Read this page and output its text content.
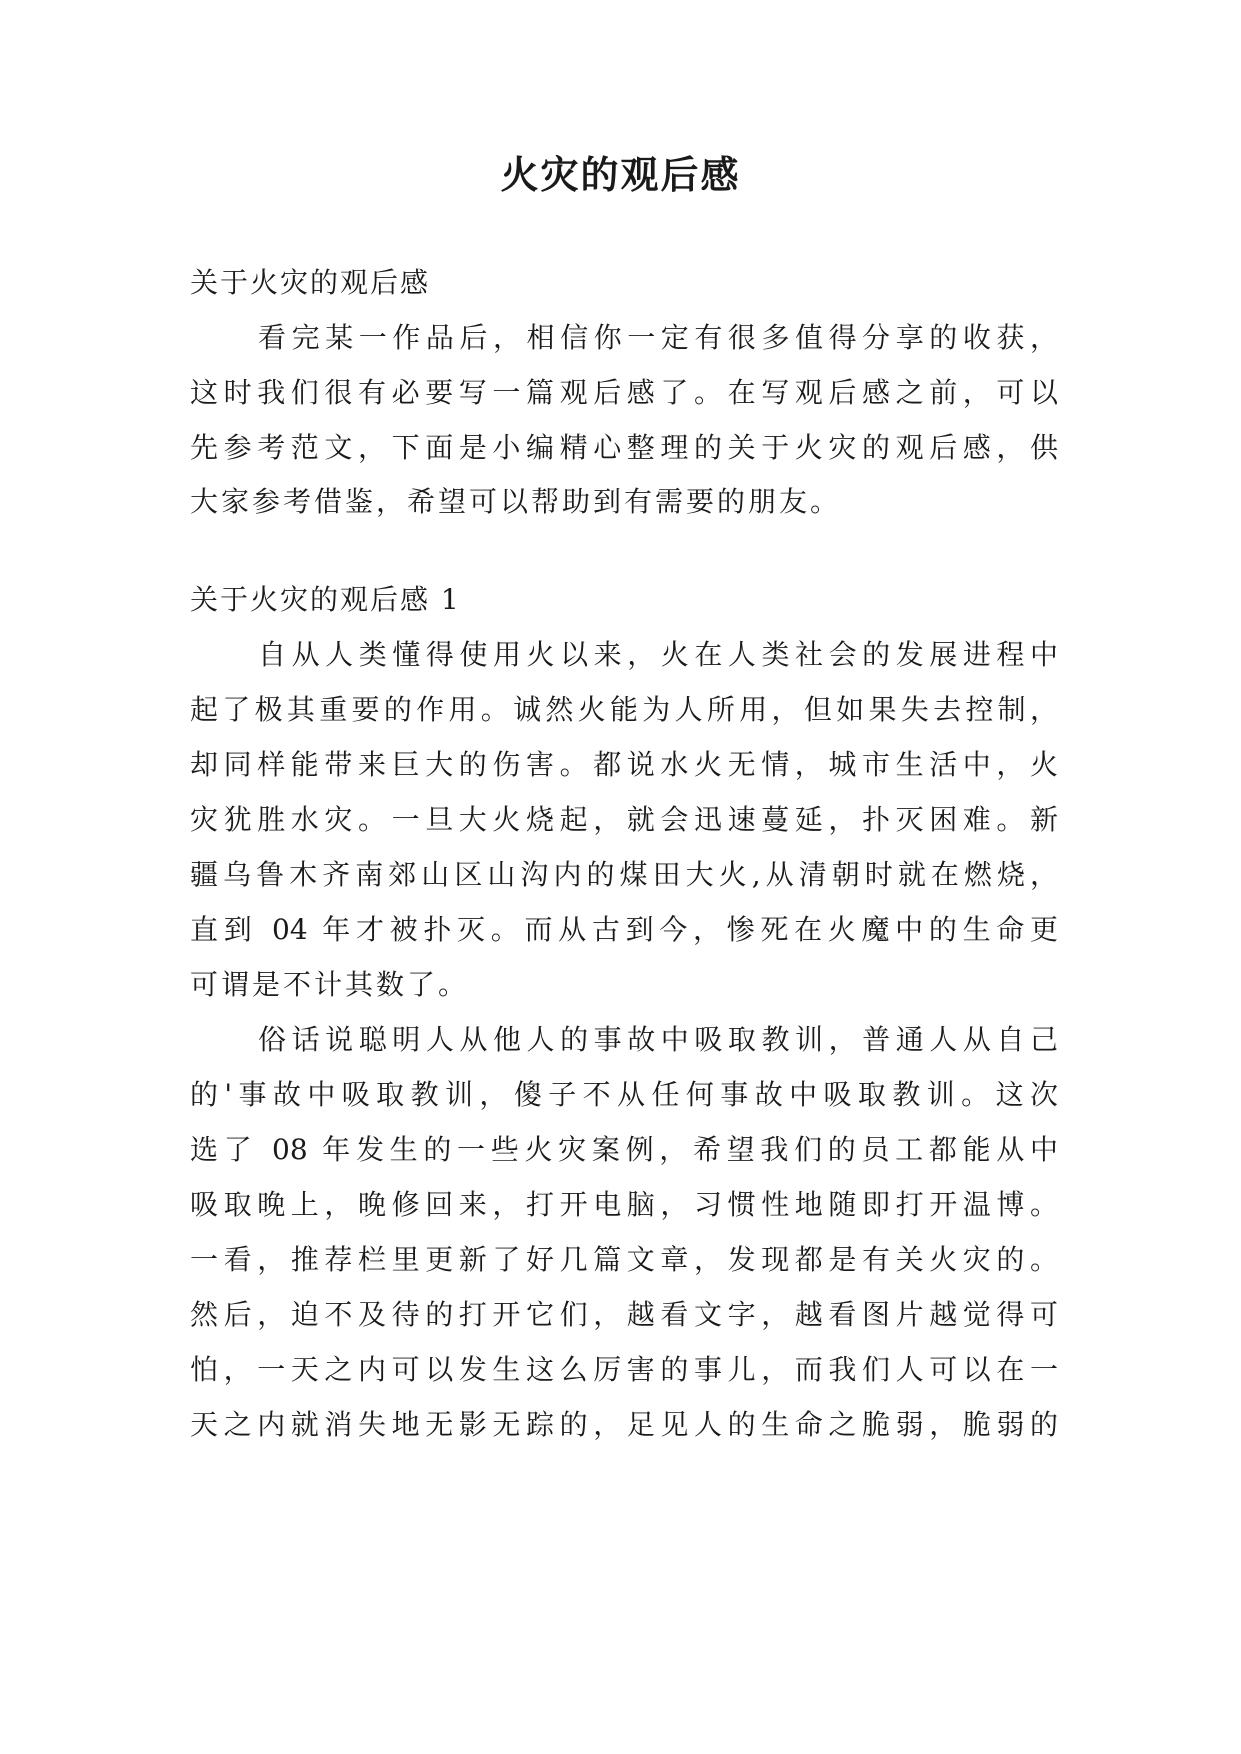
火灾的观后感
关于火灾的观后感
看完某一作品后，相信你一定有很多值得分享的收获，
这时我们很有必要写一篇观后感了。在写观后感之前，可以
先参考范文，下面是小编精心整理的关于火灾的观后感，供
大家参考借鉴，希望可以帮助到有需要的朋友。
关于火灾的观后感 1
自从人类懂得使用火以来，火在人类社会的发展进程中
起了极其重要的作用。诚然火能为人所用，但如果失去控制，
却同样能带来巨大的伤害。都说水火无情，城市生活中，火
灾犹胜水灾。一旦大火烧起，就会迅速蔓延，扑灭困难。新
疆乌鲁木齐南郊山区山沟内的煤田大火,从清朝时就在燃烧，
直到 04 年才被扑灭。而从古到今，惨死在火魔中的生命更
可谓是不计其数了。
俗话说聪明人从他人的事故中吸取教训，普通人从自己
的'事故中吸取教训，傻子不从任何事故中吸取教训。这次
选了 08 年发生的一些火灾案例，希望我们的员工都能从中
吸取晚上，晚修回来，打开电脑，习惯性地随即打开温博。
一看，推荐栏里更新了好几篇文章，发现都是有关火灾的。
然后，迫不及待的打开它们，越看文字，越看图片越觉得可
怕，一天之内可以发生这么厉害的事儿，而我们人可以在一
天之内就消失地无影无踪的，足见人的生命之脆弱，脆弱的
